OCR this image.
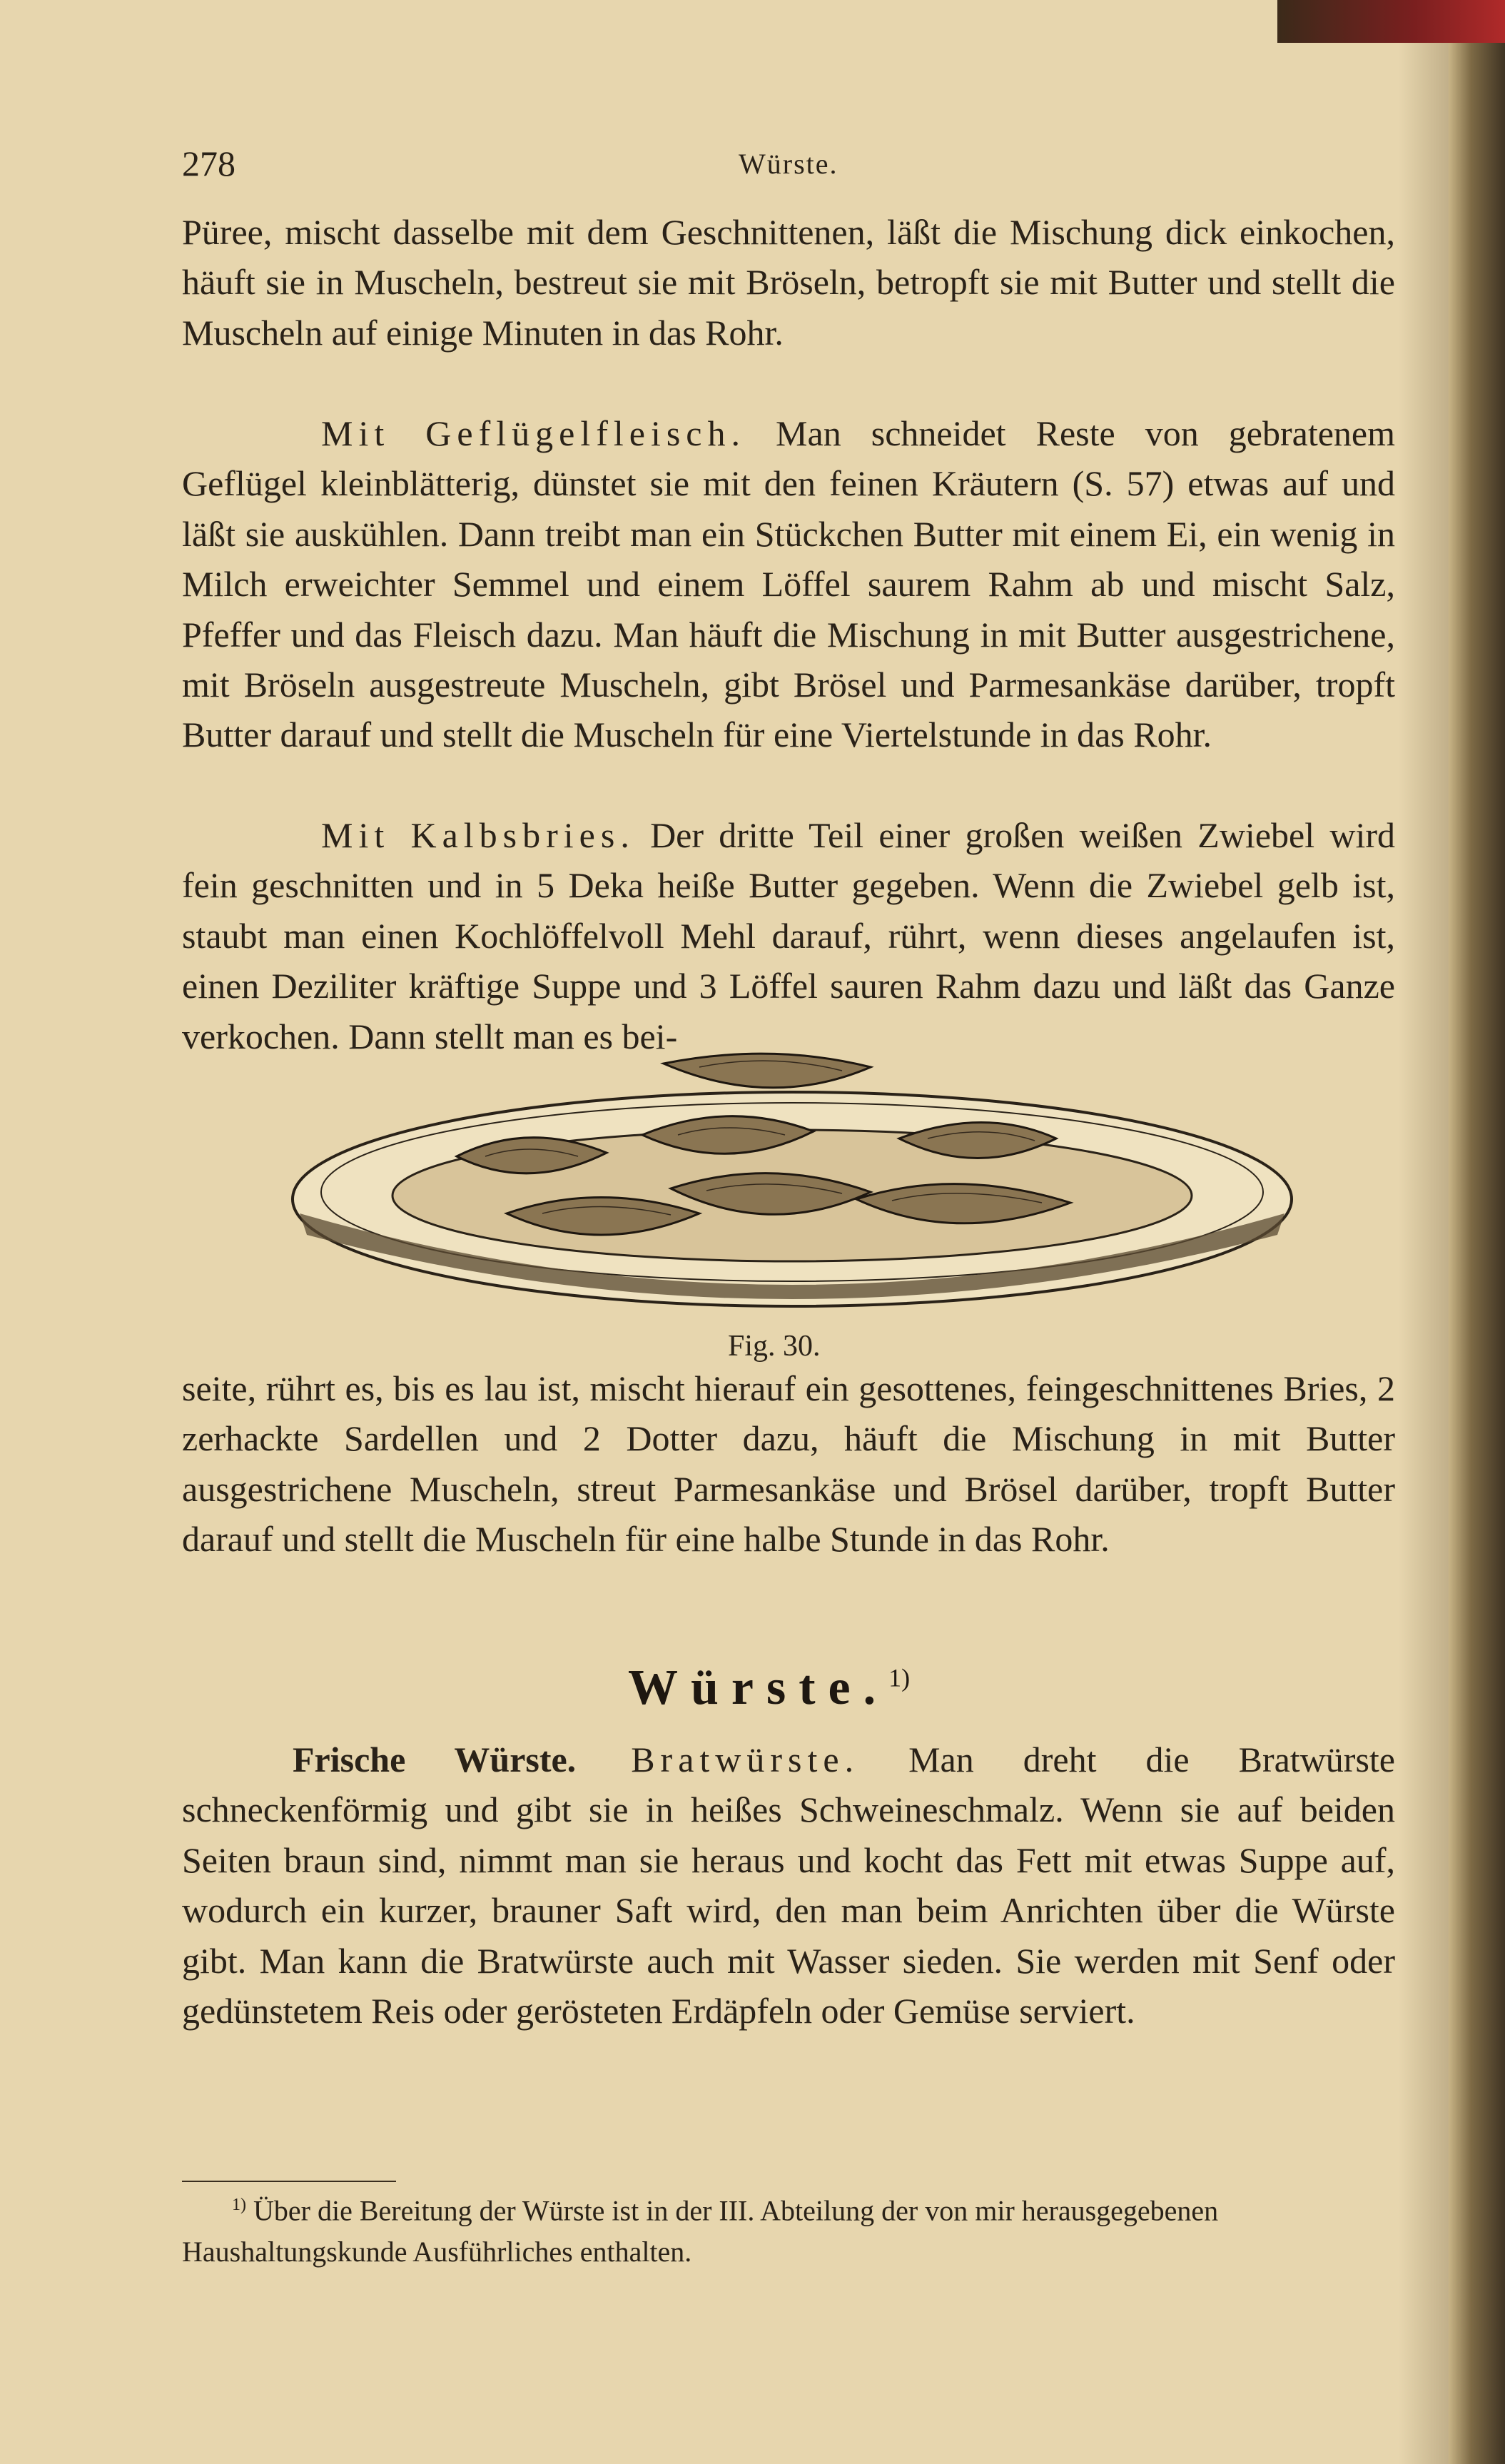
278	Würste.

Püree, mischt dasselbe mit dem Geschnittenen, läßt die Mischung dick einkochen, häuft sie in Muscheln, bestreut sie mit Bröseln, betropft sie mit Butter und stellt die Muscheln auf einige Minuten in das Rohr.

Mit Geflügelfleisch. Man schneidet Reste von gebratenem Geflügel kleinblätterig, dünstet sie mit den feinen Kräutern (S. 57) etwas auf und läßt sie auskühlen. Dann treibt man ein Stückchen Butter mit einem Ei, ein wenig in Milch erweichter Semmel und einem Löffel saurem Rahm ab und mischt Salz, Pfeffer und das Fleisch dazu. Man häuft die Mischung in mit Butter ausgestrichene, mit Bröseln ausgestreute Muscheln, gibt Brösel und Parmesankäse darüber, tropft Butter darauf und stellt die Muscheln für eine Viertelstunde in das Rohr.

Mit Kalbsbries. Der dritte Teil einer großen weißen Zwiebel wird fein geschnitten und in 5 Deka heiße Butter gegeben. Wenn die Zwiebel gelb ist, staubt man einen Kochlöffelvoll Mehl darauf, rührt, wenn dieses angelaufen ist, einen Deziliter kräftige Suppe und 3 Löffel sauren Rahm dazu und läßt das Ganze verkochen. Dann stellt man es bei-

Fig. 30.

seite, rührt es, bis es lau ist, mischt hierauf ein gesottenes, feingeschnittenes Bries, 2 zerhackte Sardellen und 2 Dotter dazu, häuft die Mischung in mit Butter ausgestrichene Muscheln, streut Parmesankäse und Brösel darüber, tropft Butter darauf und stellt die Muscheln für eine halbe Stunde in das Rohr.

Würste.$^{1)}$

Frische Würste. Bratwürste. Man dreht die Bratwürste schneckenförmig und gibt sie in heißes Schweineschmalz. Wenn sie auf beiden Seiten braun sind, nimmt man sie heraus und kocht das Fett mit etwas Suppe auf, wodurch ein kurzer, brauner Saft wird, den man beim Anrichten über die Würste gibt. Man kann die Bratwürste auch mit Wasser sieden. Sie werden mit Senf oder gedünstetem Reis oder gerösteten Erdäpfeln oder Gemüse serviert.

$^{1)}$ Über die Bereitung der Würste ist in der III. Abteilung der von mir herausgegebenen Haushaltungskunde Ausführliches enthalten.
